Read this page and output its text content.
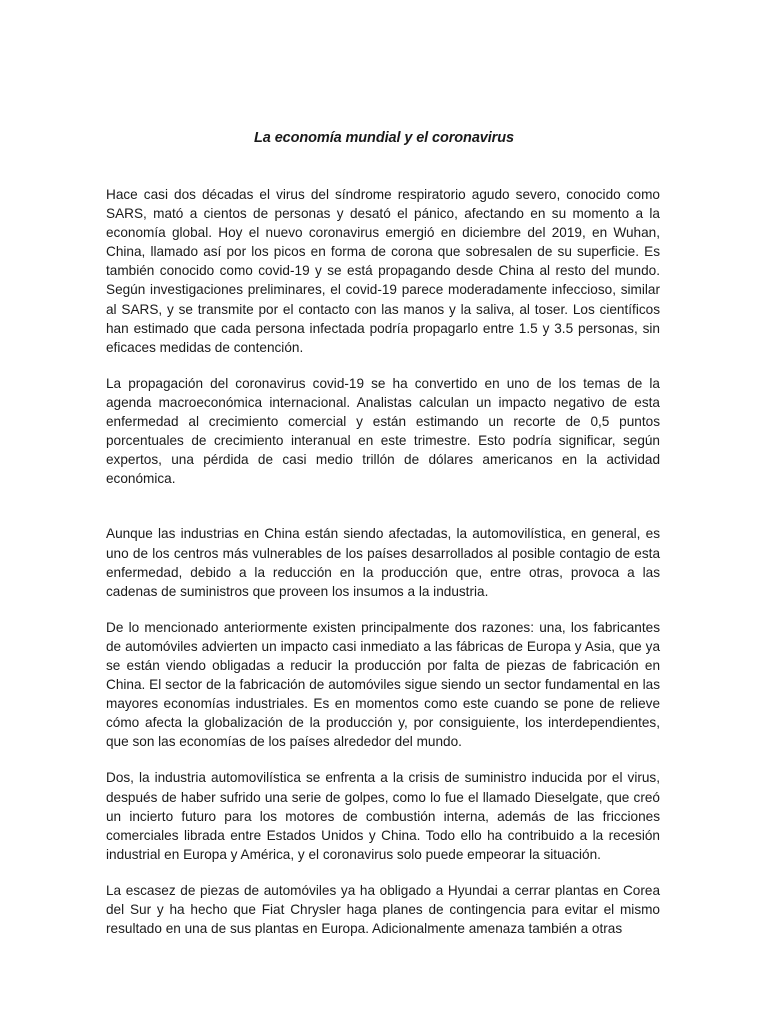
La economía mundial y el coronavirus

Hace casi dos décadas el virus del síndrome respiratorio agudo severo, conocido como SARS, mató a cientos de personas y desató el pánico, afectando en su momento a la economía global. Hoy el nuevo coronavirus emergió en diciembre del 2019, en Wuhan, China, llamado así por los picos en forma de corona que sobresalen de su superficie. Es también conocido como covid-19 y se está propagando desde China al resto del mundo. Según investigaciones preliminares, el covid-19 parece moderadamente infeccioso, similar al SARS, y se transmite por el contacto con las manos y la saliva, al toser. Los científicos han estimado que cada persona infectada podría propagarlo entre 1.5 y 3.5 personas, sin eficaces medidas de contención.

La propagación del coronavirus covid-19 se ha convertido en uno de los temas de la agenda macroeconómica internacional. Analistas calculan un impacto negativo de esta enfermedad al crecimiento comercial y están estimando un recorte de 0,5 puntos porcentuales de crecimiento interanual en este trimestre. Esto podría significar, según expertos, una pérdida de casi medio trillón de dólares americanos en la actividad económica.

Aunque las industrias en China están siendo afectadas, la automovilística, en general, es uno de los centros más vulnerables de los países desarrollados al posible contagio de esta enfermedad, debido a la reducción en la producción que, entre otras, provoca a las cadenas de suministros que proveen los insumos a la industria.

De lo mencionado anteriormente existen principalmente dos razones: una, los fabricantes de automóviles advierten un impacto casi inmediato a las fábricas de Europa y Asia, que ya se están viendo obligadas a reducir la producción por falta de piezas de fabricación en China. El sector de la fabricación de automóviles sigue siendo un sector fundamental en las mayores economías industriales. Es en momentos como este cuando se pone de relieve cómo afecta la globalización de la producción y, por consiguiente, los interdependientes, que son las economías de los países alrededor del mundo.

Dos, la industria automovilística se enfrenta a la crisis de suministro inducida por el virus, después de haber sufrido una serie de golpes, como lo fue el llamado Dieselgate, que creó un incierto futuro para los motores de combustión interna, además de las fricciones comerciales librada entre Estados Unidos y China. Todo ello ha contribuido a la recesión industrial en Europa y América, y el coronavirus solo puede empeorar la situación.

La escasez de piezas de automóviles ya ha obligado a Hyundai a cerrar plantas en Corea del Sur y ha hecho que Fiat Chrysler haga planes de contingencia para evitar el mismo resultado en una de sus plantas en Europa. Adicionalmente amenaza también a otras
